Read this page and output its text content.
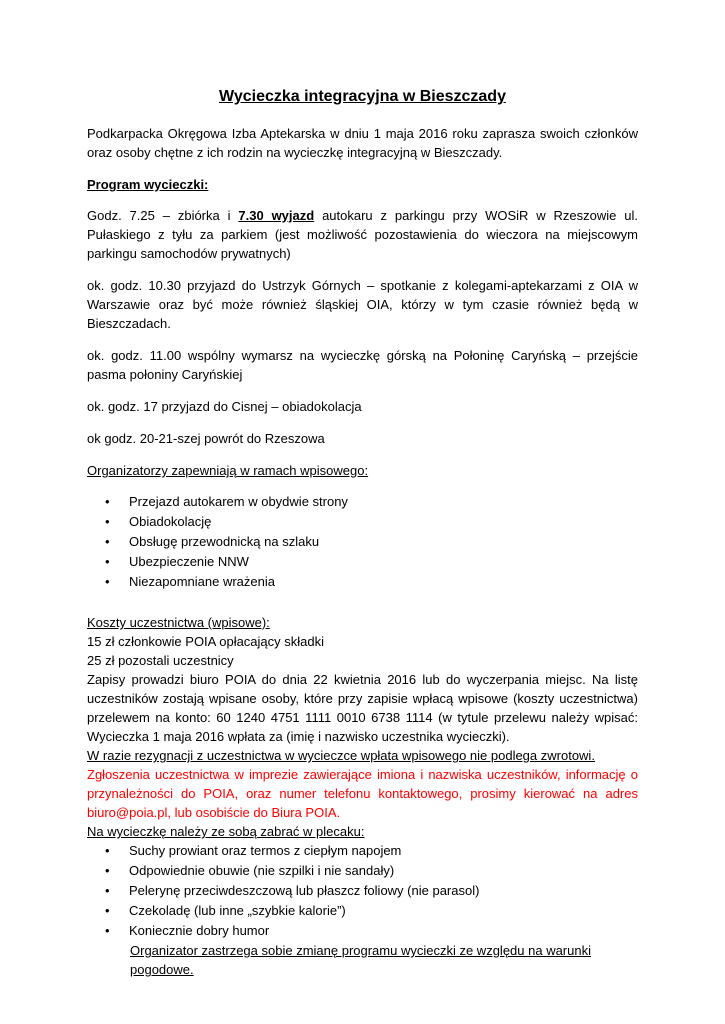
Wycieczka integracyjna w Bieszczady

Podkarpacka Okręgowa Izba Aptekarska w dniu 1 maja 2016 roku zaprasza swoich członków oraz osoby chętne z ich rodzin na wycieczkę integracyjną w Bieszczady.

Program wycieczki:

Godz. 7.25 – zbiórka i 7.30 wyjazd autokaru z parkingu przy WOSiR w Rzeszowie ul. Pułaskiego z tyłu za parkiem (jest możliwość pozostawienia do wieczora na miejscowym parkingu samochodów prywatnych)

ok. godz. 10.30 przyjazd do Ustrzyk Górnych – spotkanie z kolegami-aptekarzami z OIA w Warszawie oraz być może również śląskiej OIA, którzy w tym czasie również będą w Bieszczadach.

ok. godz. 11.00 wspólny wymarsz na wycieczkę górską na Połoninę Caryńską – przejście pasma połoniny Caryńskiej

ok. godz. 17 przyjazd do Cisnej – obiadokolacja

ok godz. 20-21-szej powrót do Rzeszowa

Organizatorzy zapewniają w ramach wpisowego:

• Przejazd autokarem w obydwie strony
• Obiadokolację
• Obsługę przewodnicką na szlaku
• Ubezpieczenie NNW
• Niezapomniane wrażenia
Koszty uczestnictwa (wpisowe):
15 zł członkowie POIA opłacający składki
25 zł pozostali uczestnicy
Zapisy prowadzi biuro POIA do dnia 22 kwietnia 2016 lub do wyczerpania miejsc. Na listę uczestników zostają wpisane osoby, które przy zapisie wpłacą wpisowe (koszty uczestnictwa) przelewem na konto: 60 1240 4751 1111 0010 6738 1114 (w tytule przelewu należy wpisać: Wycieczka 1 maja 2016 wpłata za (imię i nazwisko uczestnika wycieczki).
W razie rezygnacji z uczestnictwa w wycieczce wpłata wpisowego nie podlega zwrotowi.
Zgłoszenia uczestnictwa w imprezie zawierające imiona i nazwiska uczestników, informację o przynależności do POIA, oraz numer telefonu kontaktowego, prosimy kierować na adres biuro@poia.pl, lub osobiście do Biura POIA.
Na wycieczkę należy ze sobą zabrać w plecaku:
• Suchy prowiant oraz termos z ciepłym napojem
• Odpowiednie obuwie (nie szpilki i nie sandały)
• Pelerynę przeciwdeszczową lub płaszcz foliowy (nie parasol)
• Czekoladę (lub inne „szybkie kalorie”)
• Koniecznie dobry humor
Organizator zastrzega sobie zmianę programu wycieczki ze względu na warunki pogodowe.
